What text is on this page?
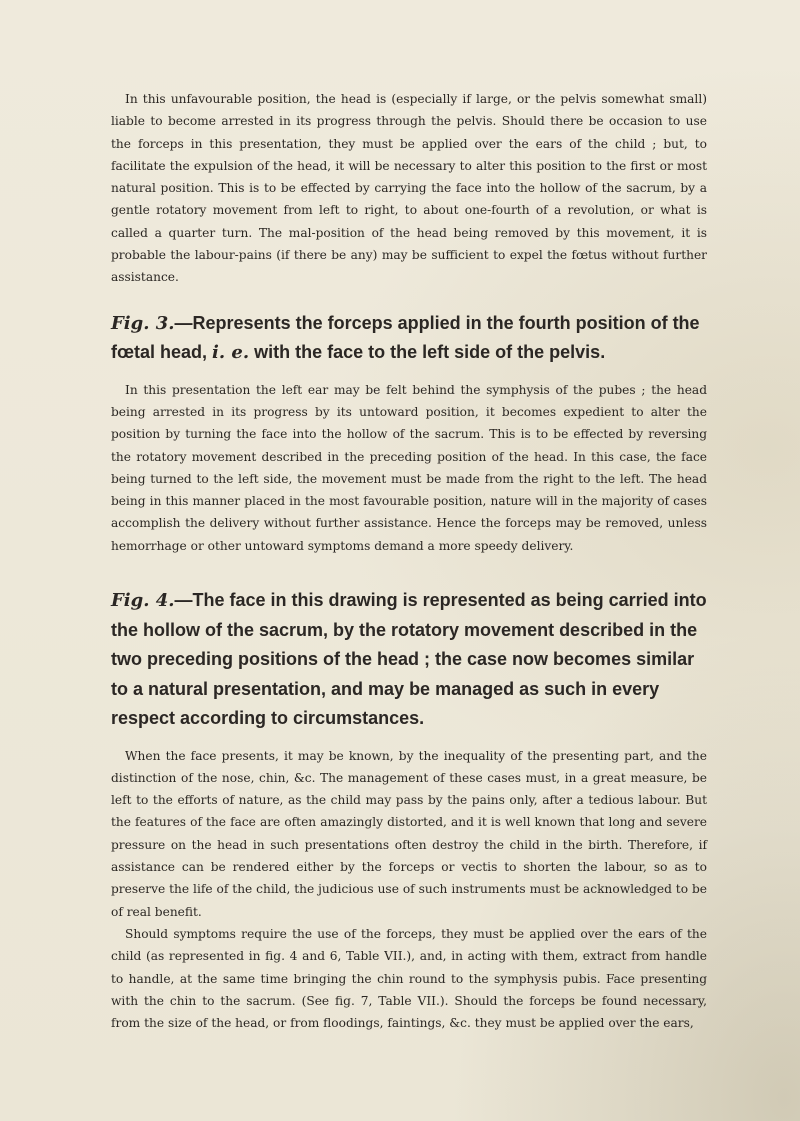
In this unfavourable position, the head is (especially if large, or the pelvis somewhat small) liable to become arrested in its progress through the pelvis. Should there be occasion to use the forceps in this presentation, they must be applied over the ears of the child ; but, to facilitate the expulsion of the head, it will be necessary to alter this position to the first or most natural position. This is to be effected by carrying the face into the hollow of the sacrum, by a gentle rotatory movement from left to right, to about one-fourth of a revolution, or what is called a quarter turn. The mal-position of the head being removed by this movement, it is probable the labour-pains (if there be any) may be sufficient to expel the fœtus without further assistance.

Fig. 3.—Represents the forceps applied in the fourth position of the fœtal head, i. e. with the face to the left side of the pelvis.

In this presentation the left ear may be felt behind the symphysis of the pubes ; the head being arrested in its progress by its untoward position, it becomes expedient to alter the position by turning the face into the hollow of the sacrum. This is to be effected by reversing the rotatory movement described in the preceding position of the head. In this case, the face being turned to the left side, the movement must be made from the right to the left. The head being in this manner placed in the most favourable position, nature will in the majority of cases accomplish the delivery without further assistance. Hence the forceps may be removed, unless hemorrhage or other untoward symptoms demand a more speedy delivery.

Fig. 4.—The face in this drawing is represented as being carried into the hollow of the sacrum, by the rotatory movement described in the two preceding positions of the head ; the case now becomes similar to a natural presentation, and may be managed as such in every respect according to circumstances.

When the face presents, it may be known, by the inequality of the presenting part, and the distinction of the nose, chin, &c. The management of these cases must, in a great measure, be left to the efforts of nature, as the child may pass by the pains only, after a tedious labour. But the features of the face are often amazingly distorted, and it is well known that long and severe pressure on the head in such presentations often destroy the child in the birth. Therefore, if assistance can be rendered either by the forceps or vectis to shorten the labour, so as to preserve the life of the child, the judicious use of such instruments must be acknowledged to be of real benefit.

Should symptoms require the use of the forceps, they must be applied over the ears of the child (as represented in fig. 4 and 6, Table VII.), and, in acting with them, extract from handle to handle, at the same time bringing the chin round to the symphysis pubis. Face presenting with the chin to the sacrum. (See fig. 7, Table VII.). Should the forceps be found necessary, from the size of the head, or from floodings, faintings, &c. they must be applied over the ears,
